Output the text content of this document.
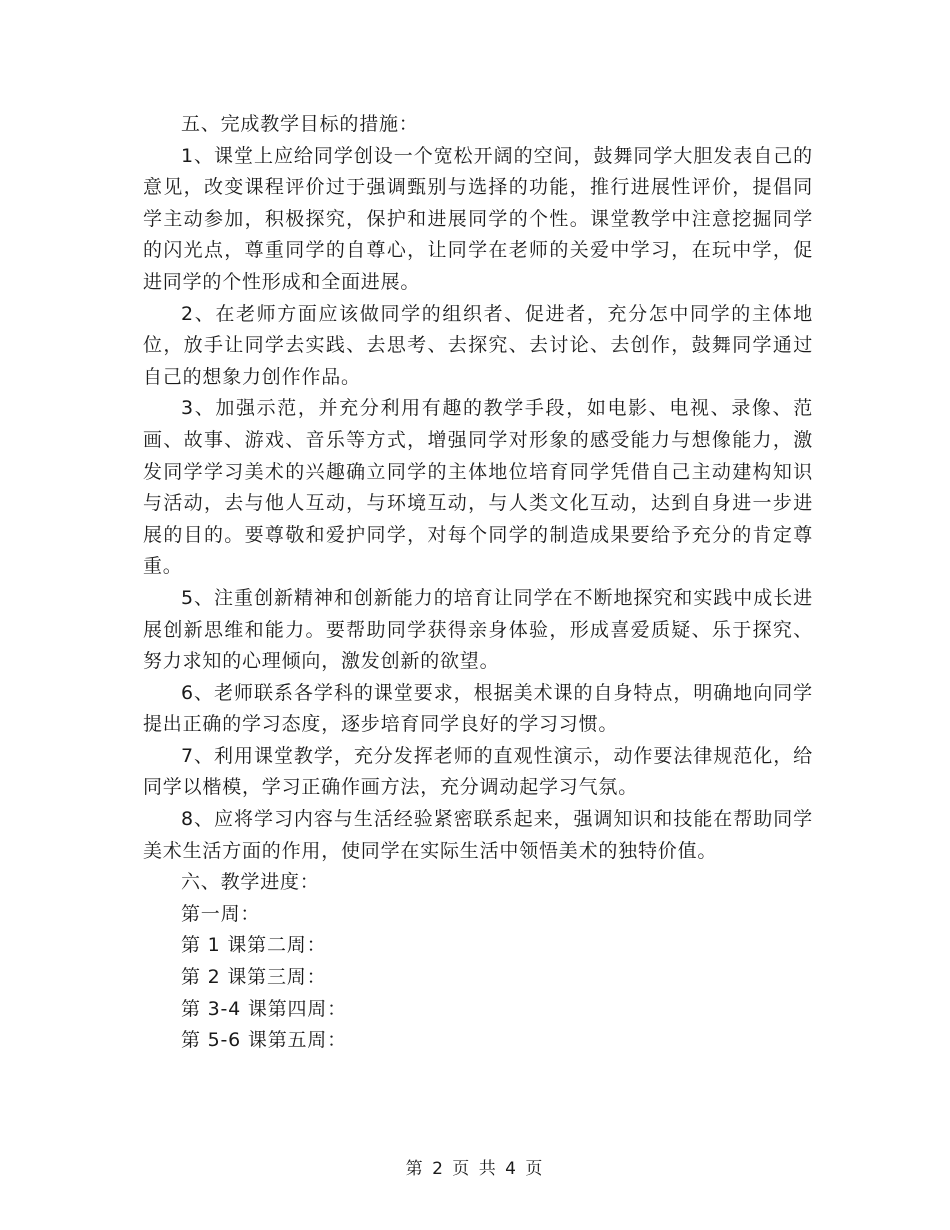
五、完成教学目标的措施：

1、课堂上应给同学创设一个宽松开阔的空间，鼓舞同学大胆发表自己的意见，改变课程评价过于强调甄别与选择的功能，推行进展性评价，提倡同学主动参加，积极探究，保护和进展同学的个性。课堂教学中注意挖掘同学的闪光点，尊重同学的自尊心，让同学在老师的关爱中学习，在玩中学，促进同学的个性形成和全面进展。

2、在老师方面应该做同学的组织者、促进者，充分怎中同学的主体地位，放手让同学去实践、去思考、去探究、去讨论、去创作，鼓舞同学通过自己的想象力创作作品。

3、加强示范，并充分利用有趣的教学手段，如电影、电视、录像、范画、故事、游戏、音乐等方式，增强同学对形象的感受能力与想像能力，激发同学学习美术的兴趣确立同学的主体地位培育同学凭借自己主动建构知识与活动，去与他人互动，与环境互动，与人类文化互动，达到自身进一步进展的目的。要尊敬和爱护同学，对每个同学的制造成果要给予充分的肯定尊重。

5、注重创新精神和创新能力的培育让同学在不断地探究和实践中成长进展创新思维和能力。要帮助同学获得亲身体验，形成喜爱质疑、乐于探究、努力求知的心理倾向，激发创新的欲望。

6、老师联系各学科的课堂要求，根据美术课的自身特点，明确地向同学提出正确的学习态度，逐步培育同学良好的学习习惯。

7、利用课堂教学，充分发挥老师的直观性演示，动作要法律规范化，给同学以楷模，学习正确作画方法，充分调动起学习气氛。

8、应将学习内容与生活经验紧密联系起来，强调知识和技能在帮助同学美术生活方面的作用，使同学在实际生活中领悟美术的独特价值。

六、教学进度：

第一周：

第 1 课第二周：

第 2 课第三周：

第 3-4 课第四周：

第 5-6 课第五周：

第 2 页 共 4 页
